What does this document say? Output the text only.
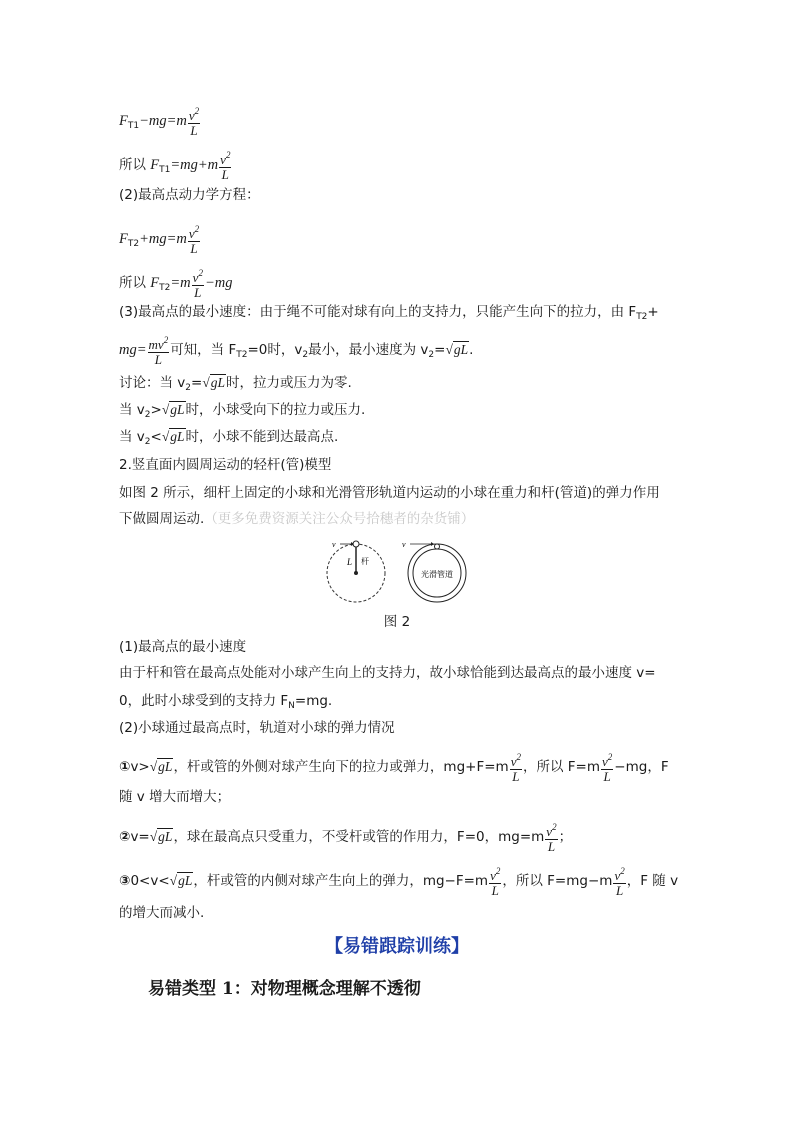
$F_{T1}-mg=m \frac{v^2}{L}$
所以 $F_{T1}=mg+m \frac{v^2}{L}$
(2)最高点动力学方程：
$F_{T2}+mg=m \frac{v^2}{L}$
所以 $F_{T2}=m \frac{v^2}{L} -mg$
(3)最高点的最小速度：由于绳不可能对球有向上的支持力，只能产生向下的拉力，由 $F_{T2}+$
$mg= \frac{mv^2}{L}$ 可知，当 $F_{T2}=0$时，$v_2$最小，最小速度为 $v_2=√gL$.
讨论：当 $v_2=√gL$时，拉力或压力为零.
当 $v_2>√gL$时，小球受向下的拉力或压力.
当 $v_2<√gL$时，小球不能到达最高点.
2.竖直面内圆周运动的轻杆(管)模型
如图 2 所示，细杆上固定的小球和光滑管形轨道内运动的小球在重力和杆(管道)的弹力作用
下做圆周运动.（更多免费资源关注公众号拾穗者的杂货铺）
v
L 杆
v
光滑管道
图 2
(1)最高点的最小速度
由于杆和管在最高点处能对小球产生向上的支持力，故小球恰能到达最高点的最小速度 v=
0，此时小球受到的支持力 $F_N=mg$.
(2)小球通过最高点时，轨道对小球的弹力情况
①v>√gL，杆或管的外侧对球产生向下的拉力或弹力，$mg+F=m \frac{v^2}{L}$ ，所以 $F=m \frac{v^2}{L} -mg$，F
随 v 增大而增大；
②v=√gL，球在最高点只受重力，不受杆或管的作用力，F=0，$mg=m \frac{v^2}{L}$ ；
③0<v<√gL，杆或管的内侧对球产生向上的弹力，$mg-F=m \frac{v^2}{L}$ ，所以 $F=mg-m \frac{v^2}{L}$ ，F 随 v
的增大而减小.
【易错跟踪训练】
易错类型 1：对物理概念理解不透彻
